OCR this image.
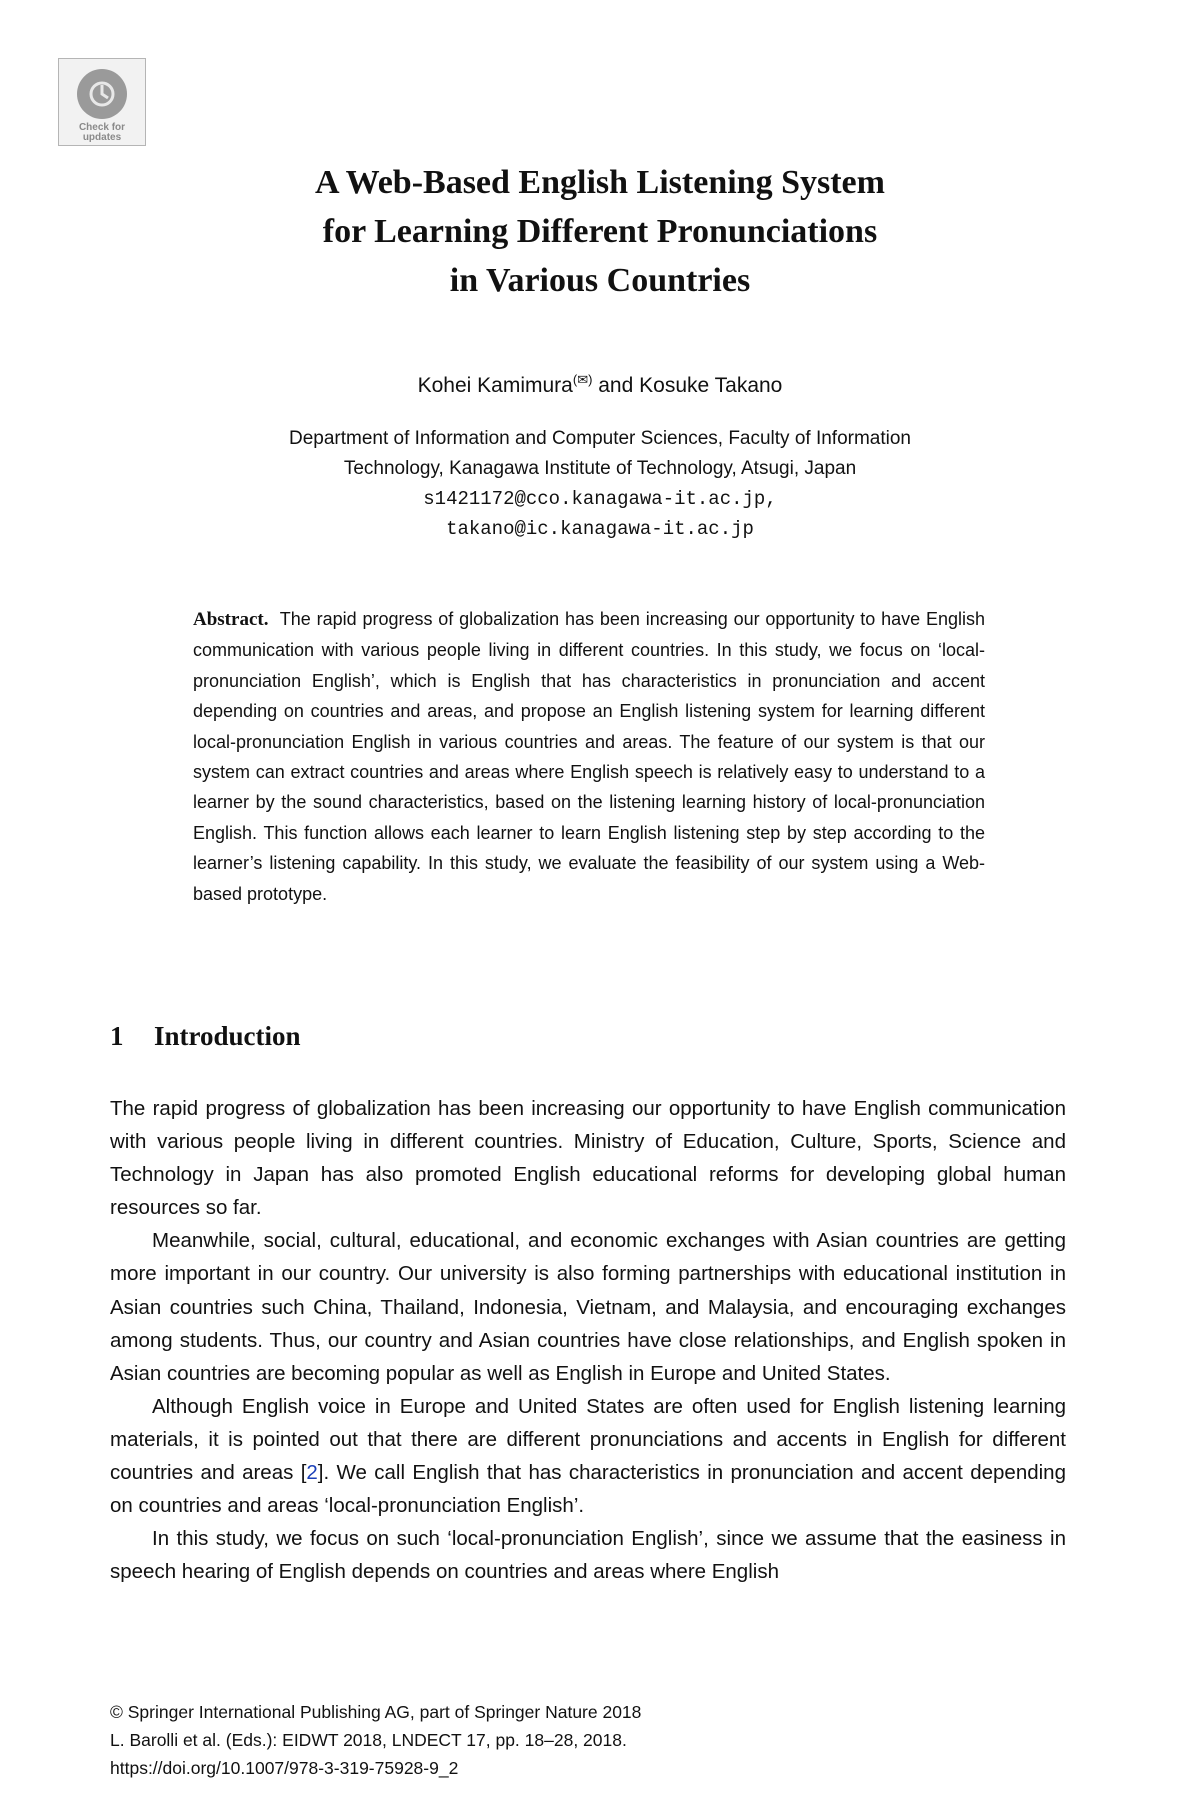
Check for updates
A Web-Based English Listening System
for Learning Different Pronunciations
in Various Countries
Kohei Kamimura(✉) and Kosuke Takano
Department of Information and Computer Sciences, Faculty of Information
Technology, Kanagawa Institute of Technology, Atsugi, Japan
s1421172@cco.kanagawa-it.ac.jp,
takano@ic.kanagawa-it.ac.jp

Abstract. The rapid progress of globalization has been increasing our opportunity to have English communication with various people living in different countries. In this study, we focus on ‘local-pronunciation English’, which is English that has characteristics in pronunciation and accent depending on countries and areas, and propose an English listening system for learning different local-pronunciation English in various countries and areas. The feature of our system is that our system can extract countries and areas where English speech is relatively easy to understand to a learner by the sound characteristics, based on the listening learning history of local-pronunciation English. This function allows each learner to learn English listening step by step according to the learner’s listening capability. In this study, we evaluate the feasibility of our system using a Web-based prototype.

1 Introduction

The rapid progress of globalization has been increasing our opportunity to have English communication with various people living in different countries. Ministry of Education, Culture, Sports, Science and Technology in Japan has also promoted English educational reforms for developing global human resources so far.

Meanwhile, social, cultural, educational, and economic exchanges with Asian countries are getting more important in our country. Our university is also forming partnerships with educational institution in Asian countries such China, Thailand, Indonesia, Vietnam, and Malaysia, and encouraging exchanges among students. Thus, our country and Asian countries have close relationships, and English spoken in Asian countries are becoming popular as well as English in Europe and United States.

Although English voice in Europe and United States are often used for English listening learning materials, it is pointed out that there are different pronunciations and accents in English for different countries and areas [2]. We call English that has characteristics in pronunciation and accent depending on countries and areas ‘local-pronunciation English’.

In this study, we focus on such ‘local-pronunciation English’, since we assume that the easiness in speech hearing of English depends on countries and areas where English

© Springer International Publishing AG, part of Springer Nature 2018
L. Barolli et al. (Eds.): EIDWT 2018, LNDECT 17, pp. 18–28, 2018.
https://doi.org/10.1007/978-3-319-75928-9_2
